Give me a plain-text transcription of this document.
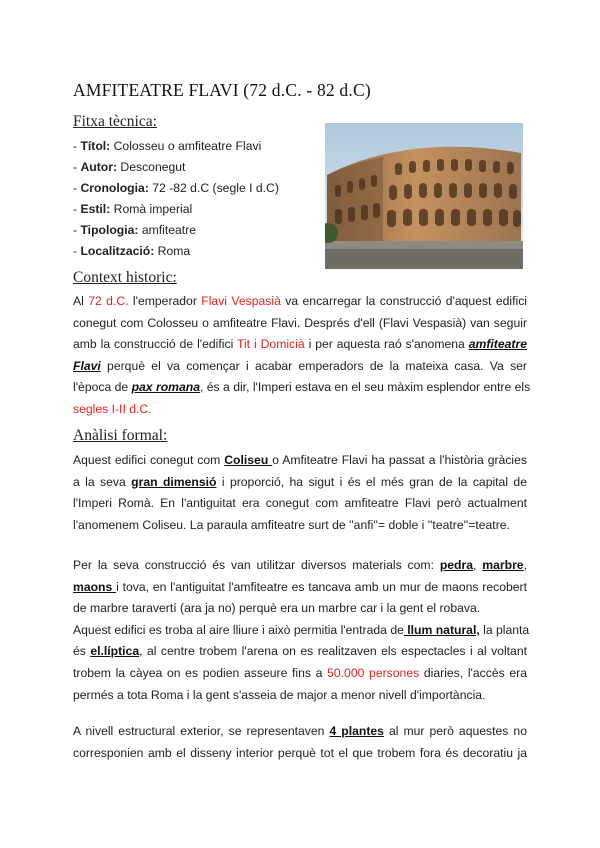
AMFITEATRE FLAVI (72 d.C. - 82 d.C)
Fitxa tècnica:
- Títol: Colosseu o amfiteatre Flavi
- Autor: Desconegut
- Cronologia: 72 -82 d.C (segle I d.C)
- Estil: Romà imperial
- Tipologia: amfiteatre
- Localització: Roma
Context historic:
Al 72 d.C. l'emperador Flavi Vespasià va encarregar la construcció d'aquest edifici
conegut com Colosseu o amfiteatre Flavi. Després d'ell (Flavi Vespasià) van seguir
amb la construcció de l'edifici Tit i Domicià i per aquesta raó s'anomena amfiteatre
Flavi perquè el va començar i acabar emperadors de la mateixa casa. Va ser
l'època de pax romana, és a dir, l'Imperi estava en el seu màxim esplendor entre els
segles I-II d.C.
Anàlisi formal:
Aquest edifici conegut com Coliseu o Amfiteatre Flavi ha passat a l'història gràcies
a la seva gran dimensió i proporció, ha sigut i és el més gran de la capital de
l'Imperi Romà. En l'antiguitat era conegut com amfiteatre Flavi però actualment
l'anomenem Coliseu. La paraula amfiteatre surt de ''anfi''= doble i ''teatre''=teatre.
Per la seva construcció és van utilitzar diversos materials com: pedra, marbre,
maons i tova, en l'antiguitat l'amfiteatre es tancava amb un mur de maons recobert
de marbre taravertí (ara ja no) perquè era un marbre car i la gent el robava.
Aquest edifici es troba al aire lliure i això permitia l'entrada de llum natural, la planta
és el.líptica, al centre trobem l'arena on es realitzaven els espectacles i al voltant
trobem la càyea on es podien asseure fins a 50.000 persones diaries, l'accès era
permés a tota Roma i la gent s'asseia de major a menor nivell d'importància.
A nivell estructural exterior, se representaven 4 plantes al mur però aquestes no
corresponien amb el disseny interior perquè tot el que trobem fora és decoratiu ja
